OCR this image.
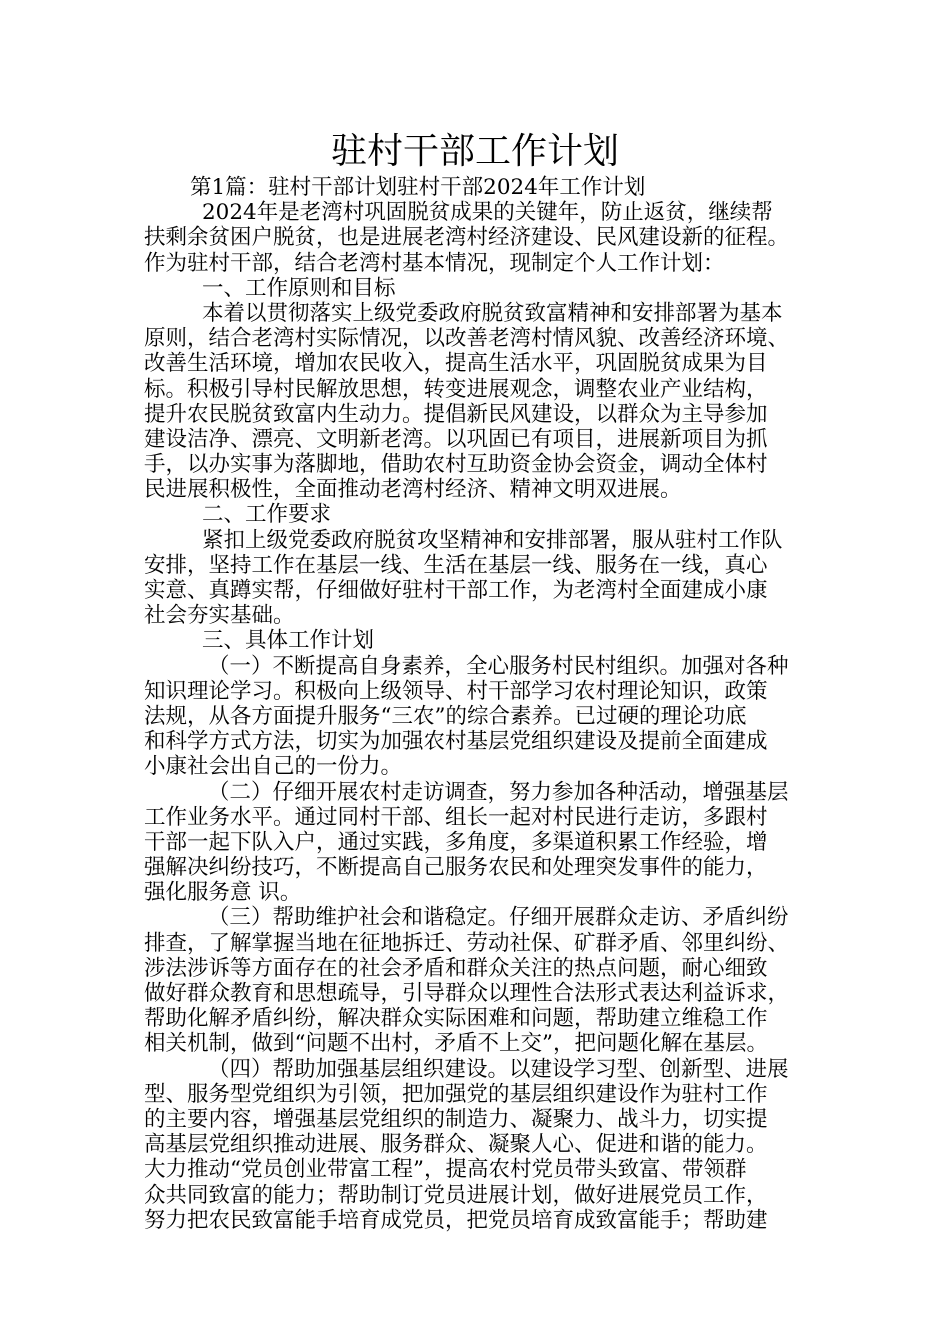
驻村干部工作计划
第1篇：驻村干部计划驻村干部2024年工作计划
2024年是老湾村巩固脱贫成果的关键年，防止返贫，继续帮
扶剩余贫困户脱贫，也是进展老湾村经济建设、民风建设新的征程。
作为驻村干部，结合老湾村基本情况，现制定个人工作计划：
一、工作原则和目标
本着以贯彻落实上级党委政府脱贫致富精神和安排部署为基本
原则，结合老湾村实际情况，以改善老湾村情风貌、改善经济环境、
改善生活环境，增加农民收入，提高生活水平，巩固脱贫成果为目
标。积极引导村民解放思想，转变进展观念，调整农业产业结构，
提升农民脱贫致富内生动力。提倡新民风建设，以群众为主导参加
建设洁净、漂亮、文明新老湾。以巩固已有项目，进展新项目为抓
手，以办实事为落脚地，借助农村互助资金协会资金，调动全体村
民进展积极性，全面推动老湾村经济、精神文明双进展。
二、工作要求
紧扣上级党委政府脱贫攻坚精神和安排部署，服从驻村工作队
安排，坚持工作在基层一线、生活在基层一线、服务在一线，真心
实意、真蹲实帮，仔细做好驻村干部工作，为老湾村全面建成小康
社会夯实基础。
三、具体工作计划
（一）不断提高自身素养，全心服务村民村组织。加强对各种
知识理论学习。积极向上级领导、村干部学习农村理论知识，政策
法规，从各方面提升服务“三农”的综合素养。已过硬的理论功底
和科学方式方法，切实为加强农村基层党组织建设及提前全面建成
小康社会出自己的一份力。
（二）仔细开展农村走访调查，努力参加各种活动，增强基层
工作业务水平。通过同村干部、组长一起对村民进行走访，多跟村
干部一起下队入户，通过实践，多角度，多渠道积累工作经验，增
强解决纠纷技巧，不断提高自己服务农民和处理突发事件的能力，
强化服务意 识。
（三）帮助维护社会和谐稳定。仔细开展群众走访、矛盾纠纷
排查，了解掌握当地在征地拆迁、劳动社保、矿群矛盾、邻里纠纷、
涉法涉诉等方面存在的社会矛盾和群众关注的热点问题，耐心细致
做好群众教育和思想疏导，引导群众以理性合法形式表达利益诉求，
帮助化解矛盾纠纷，解决群众实际困难和问题，帮助建立维稳工作
相关机制，做到“问题不出村，矛盾不上交”，把问题化解在基层。
（四）帮助加强基层组织建设。以建设学习型、创新型、进展
型、服务型党组织为引领，把加强党的基层组织建设作为驻村工作
的主要内容，增强基层党组织的制造力、凝聚力、战斗力，切实提
高基层党组织推动进展、服务群众、凝聚人心、促进和谐的能力。
大力推动“党员创业带富工程”，提高农村党员带头致富、带领群
众共同致富的能力；帮助制订党员进展计划，做好进展党员工作，
努力把农民致富能手培育成党员，把党员培育成致富能手；帮助建
